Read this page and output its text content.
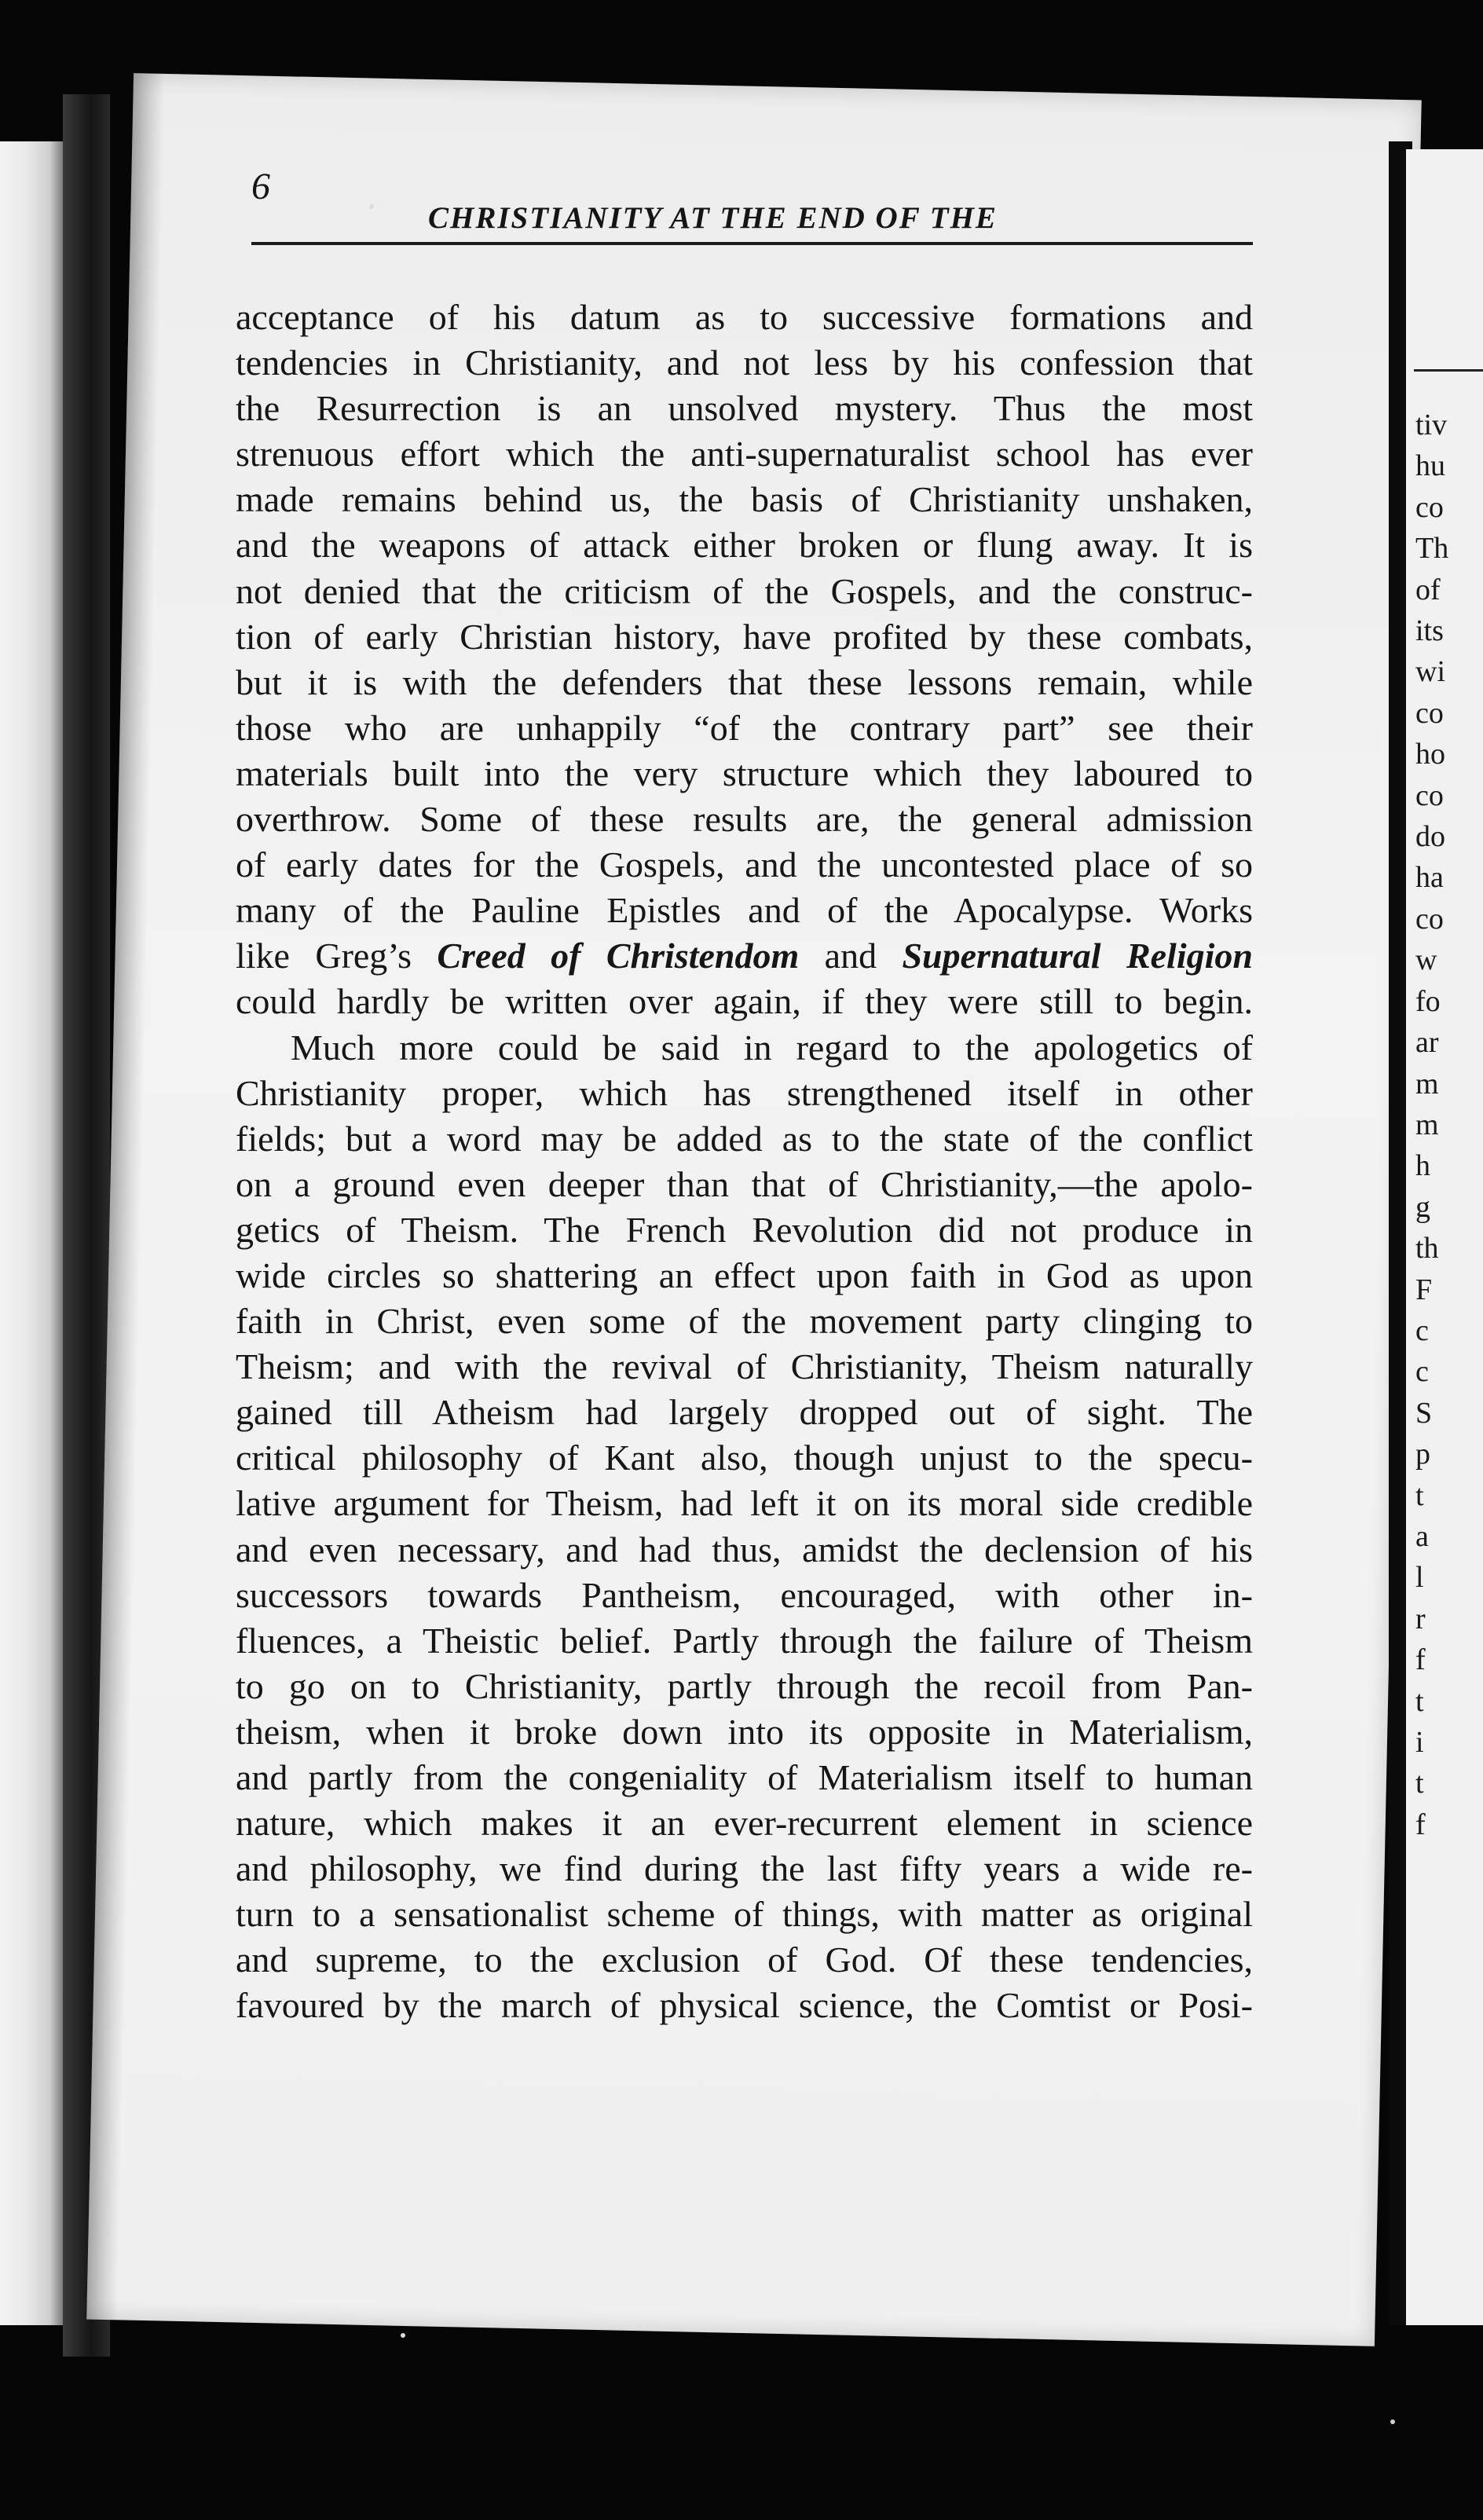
tiv
hu
co
Th
of
its
wi
co
ho
co
do
ha
co
w
fo
ar
m
m
h
g
th
F
c
c
S
p
t
a
l
r
f
t
i
t
f
6
CHRISTIANITY AT THE END OF THE
acceptance of his datum as to successive formations and
tendencies in Christianity, and not less by his confession that
the Resurrection is an unsolved mystery. Thus the most
strenuous effort which the anti-supernaturalist school has ever
made remains behind us, the basis of Christianity unshaken,
and the weapons of attack either broken or flung away. It is
not denied that the criticism of the Gospels, and the construc-
tion of early Christian history, have profited by these combats,
but it is with the defenders that these lessons remain, while
those who are unhappily “of the contrary part” see their
materials built into the very structure which they laboured to
overthrow. Some of these results are, the general admission
of early dates for the Gospels, and the uncontested place of so
many of the Pauline Epistles and of the Apocalypse. Works
like Greg’s Creed of Christendom and Supernatural Religion
could hardly be written over again, if they were still to begin.
Much more could be said in regard to the apologetics of
Christianity proper, which has strengthened itself in other
fields; but a word may be added as to the state of the conflict
on a ground even deeper than that of Christianity,—the apolo-
getics of Theism. The French Revolution did not produce in
wide circles so shattering an effect upon faith in God as upon
faith in Christ, even some of the movement party clinging to
Theism; and with the revival of Christianity, Theism naturally
gained till Atheism had largely dropped out of sight. The
critical philosophy of Kant also, though unjust to the specu-
lative argument for Theism, had left it on its moral side credible
and even necessary, and had thus, amidst the declension of his
successors towards Pantheism, encouraged, with other in-
fluences, a Theistic belief. Partly through the failure of Theism
to go on to Christianity, partly through the recoil from Pan-
theism, when it broke down into its opposite in Materialism,
and partly from the congeniality of Materialism itself to human
nature, which makes it an ever-recurrent element in science
and philosophy, we find during the last fifty years a wide re-
turn to a sensationalist scheme of things, with matter as original
and supreme, to the exclusion of God. Of these tendencies,
favoured by the march of physical science, the Comtist or Posi-
